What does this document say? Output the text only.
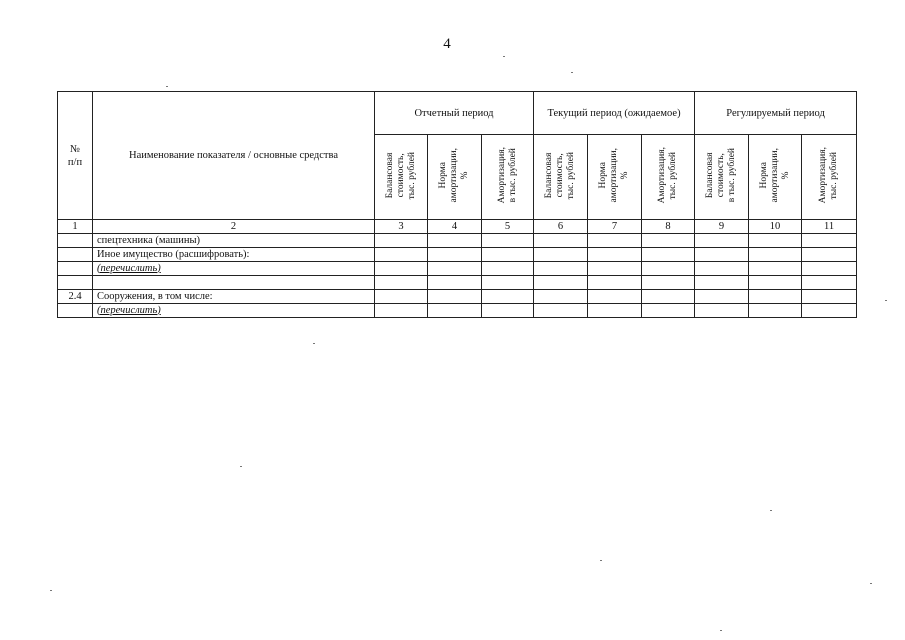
4
№
п/п	Наименование показателя / основные средства	Отчетный период			Текущий период (ожидаемое)			Регулируемый период		
		Балансовая
стоимость,
тыс. рублей	Норма
амортизации,
%	Амортизация,
в тыс. рублей	Балансовая
стоимость,
тыс. рублей	Норма
амортизации,
%	Амортизация,
тыс. рублей	Балансовая
стоимость,
в тыс. рублей	Норма
амортизации,
%	Амортизация,
тыс. рублей
1	2	3	4	5	6	7	8	9	10	11
	спецтехника (машины)									
	Иное имущество (расшифровать):									
	(перечислить)									

2.4	Сооружения, в том числе:									
	(перечислить)									
